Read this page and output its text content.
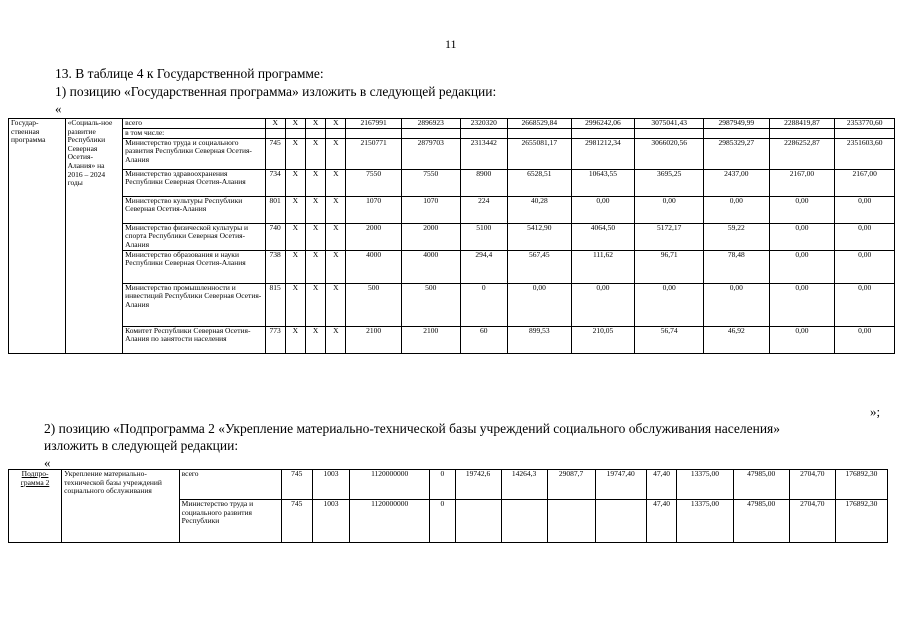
11
13. В таблице 4 к Государственной программе:
1) позицию «Государственная программа» изложить в следующей редакции:
«
Государ-ственная программа	«Социаль-ное развитие Республики Северная Осетия-Алания» на 2016 – 2024 годы	всего	X	X	X	X	2167991	2896923	2320320	2668529,84	2996242,06	3075041,43	2987949,99	2288419,87	2353770,60
		в том числе:													
		Министерство труда и социального развития Республики Северная Осетия-Алания	745	X	X	X	2150771	2879703	2313442	2655081,17	2981212,34	3066020,56	2985329,27	2286252,87	2351603,60
		Министерство здравоохранения Республики Северная Осетия-Алания	734	X	X	X	7550	7550	8900	6528,51	10643,55	3695,25	2437,00	2167,00	2167,00
		Министерство культуры Республики Северная Осетия-Алания	801	X	X	X	1070	1070	224	40,28	0,00	0,00	0,00	0,00	0,00
		Министерство физической культуры и спорта Республики Северная Осетия-Алания	740	X	X	X	2000	2000	5100	5412,90	4064,50	5172,17	59,22	0,00	0,00
		Министерство образования и науки Республики Северная Осетия-Алания	738	X	X	X	4000	4000	294,4	567,45	111,62	96,71	78,48	0,00	0,00
		Министерство промышленности и инвестиций Республики Северная Осетия-Алания	815	X	X	X	500	500	0	0,00	0,00	0,00	0,00	0,00	0,00
		Комитет Республики Северная Осетия-Алания по занятости населения	773	X	X	X	2100	2100	60	899,53	210,05	56,74	46,92	0,00	0,00
»;
2) позицию «Подпрограмма 2 «Укрепление материально-технической базы учреждений социального обслуживания населения»
изложить в следующей редакции:
«
Подпро-грамма 2	Укрепление материально-технической базы учреждений социального обслуживания	всего	745	1003	1120000000	0	19742,6	14264,3	29087,7	19747,40	47,40	13375,00	47985,00	2704,70	176892,30
		Министерство труда и социального развития Республики	745	1003	1120000000	0					47,40	13375,00	47985,00	2704,70	176892,30
